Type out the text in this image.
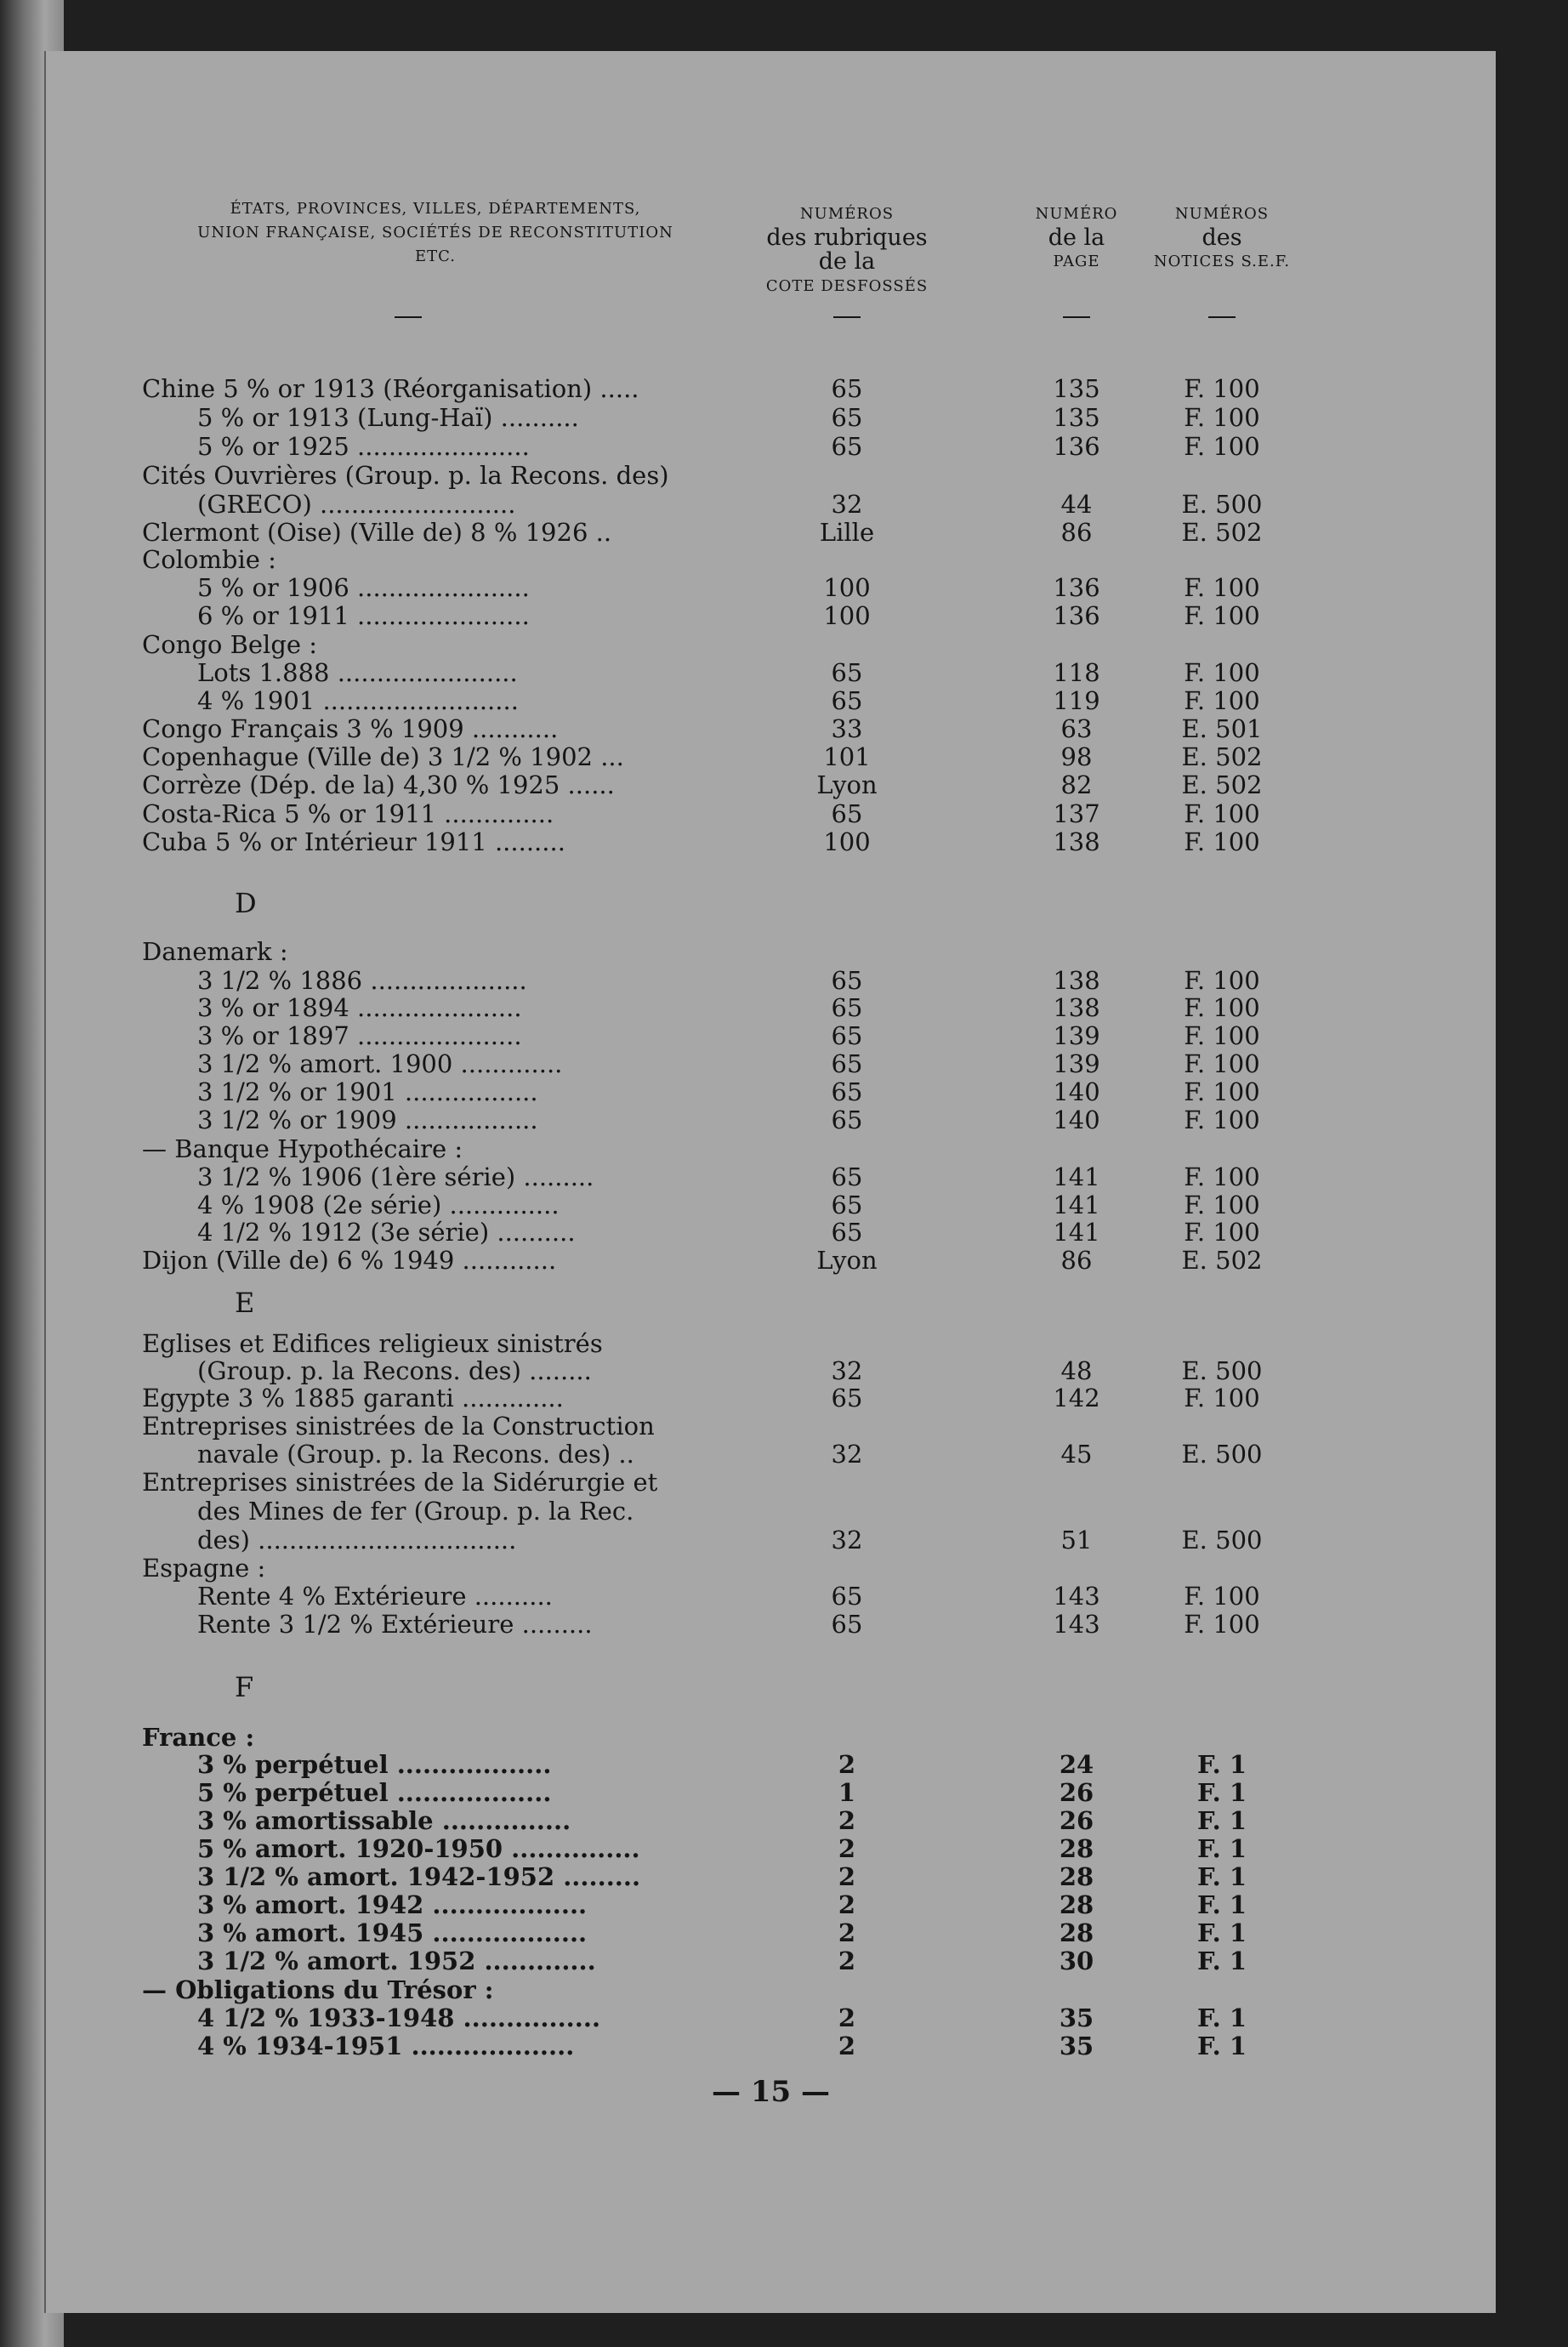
ÉTATS, PROVINCES, VILLES, DÉPARTEMENTS,
UNION FRANÇAISE, SOCIÉTÉS DE RECONSTITUTION
ETC.
NUMÉROS
des rubriques
de la
COTE DESFOSSÉS
NUMÉRO
de la
PAGE
NUMÉROS
des
NOTICES S.E.F.
Chine 5 % or 1913 (Réorganisation) .....	65	135	F. 100
5 % or 1913 (Lung-Haï) ..........	65	135	F. 100
5 % or 1925 ......................	65	136	F. 100
Cités Ouvrières (Group. p. la Recons. des)
(GRECO) .........................	32	44	E. 500
Clermont (Oise) (Ville de) 8 % 1926 ..	Lille	86	E. 502
Colombie :
5 % or 1906 ......................	100	136	F. 100
6 % or 1911 ......................	100	136	F. 100
Congo Belge :
Lots 1.888 .......................	65	118	F. 100
4 % 1901 .........................	65	119	F. 100
Congo Français 3 % 1909 ...........	33	63	E. 501
Copenhague (Ville de) 3 1/2 % 1902 ...	101	98	E. 502
Corrèze (Dép. de la) 4,30 % 1925 ......	Lyon	82	E. 502
Costa-Rica 5 % or 1911 ..............	65	137	F. 100
Cuba 5 % or Intérieur 1911 .........	100	138	F. 100
Danemark :
3 1/2 % 1886 ....................	65	138	F. 100
3 % or 1894 .....................	65	138	F. 100
3 % or 1897 .....................	65	139	F. 100
3 1/2 % amort. 1900 .............	65	139	F. 100
3 1/2 % or 1901 .................	65	140	F. 100
3 1/2 % or 1909 .................	65	140	F. 100
— Banque Hypothécaire :
3 1/2 % 1906 (1ère série) .........	65	141	F. 100
4 % 1908 (2e série) ..............	65	141	F. 100
4 1/2 % 1912 (3e série) ..........	65	141	F. 100
Dijon (Ville de) 6 % 1949 ............	Lyon	86	E. 502
Eglises et Edifices religieux sinistrés
(Group. p. la Recons. des) ........	32	48	E. 500
Egypte 3 % 1885 garanti .............	65	142	F. 100
Entreprises sinistrées de la Construction
navale (Group. p. la Recons. des) ..	32	45	E. 500
Entreprises sinistrées de la Sidérurgie et
des Mines de fer (Group. p. la Rec.
des) .................................	32	51	E. 500
Espagne :
Rente 4 % Extérieure ..........	65	143	F. 100
Rente 3 1/2 % Extérieure .........	65	143	F. 100
France :
3 % perpétuel ..................	2	24	F. 1
5 % perpétuel ..................	1	26	F. 1
3 % amortissable ...............	2	26	F. 1
5 % amort. 1920-1950 ...............	2	28	F. 1
3 1/2 % amort. 1942-1952 .........	2	28	F. 1
3 % amort. 1942 ..................	2	28	F. 1
3 % amort. 1945 ..................	2	28	F. 1
3 1/2 % amort. 1952 .............	2	30	F. 1
— Obligations du Trésor :
4 1/2 % 1933-1948 ................	2	35	F. 1
4 % 1934-1951 ...................	2	35	F. 1
D
E
F
— 15 —
